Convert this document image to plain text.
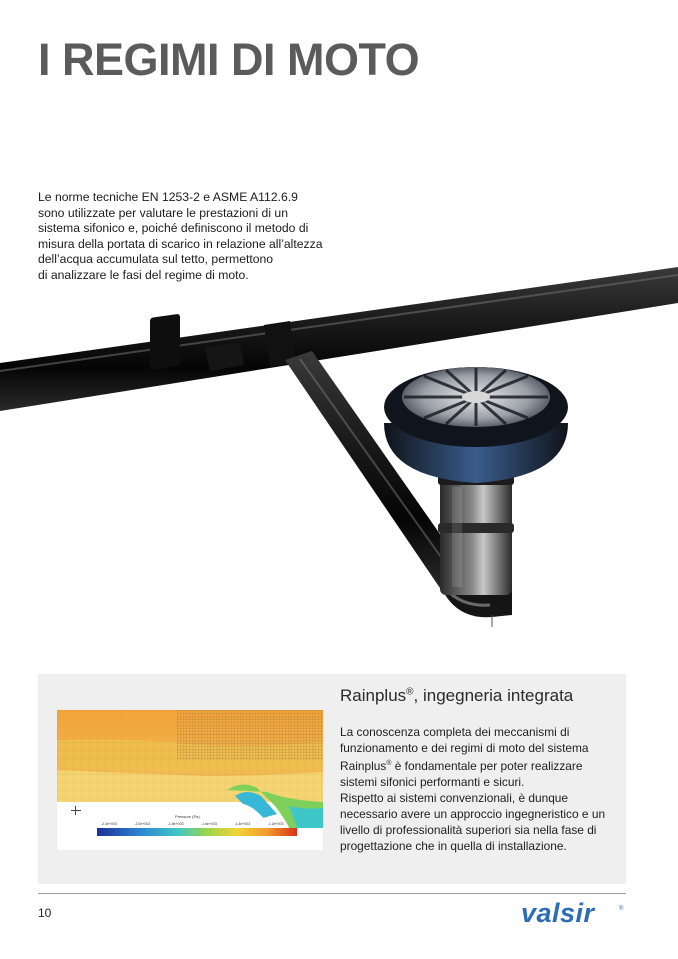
I REGIMI DI MOTO
Le norme tecniche EN 1253-2 e ASME A112.6.9
sono utilizzate per valutare le prestazioni di un
sistema sifonico e, poiché definiscono il metodo di
misura della portata di scarico in relazione all’altezza
dell’acqua accumulata sul tetto, permettono
di analizzare le fasi del regime di moto.
Pressure (Pa)
-2.3e+003	-2.0e+003	-1.8e+003	-1.6e+003	-1.4e+003	-1.2e+003
Rainplus®, ingegneria integrata
La conoscenza completa dei meccanismi di funzionamento e dei regimi di moto del sistema Rainplus® è fondamentale per poter realizzare sistemi sifonici performanti e sicuri.
Rispetto ai sistemi convenzionali, è dunque necessario avere un approccio ingegneristico e un livello di professionalità superiori sia nella fase di progettazione che in quella di installazione.
10	valsir	®
